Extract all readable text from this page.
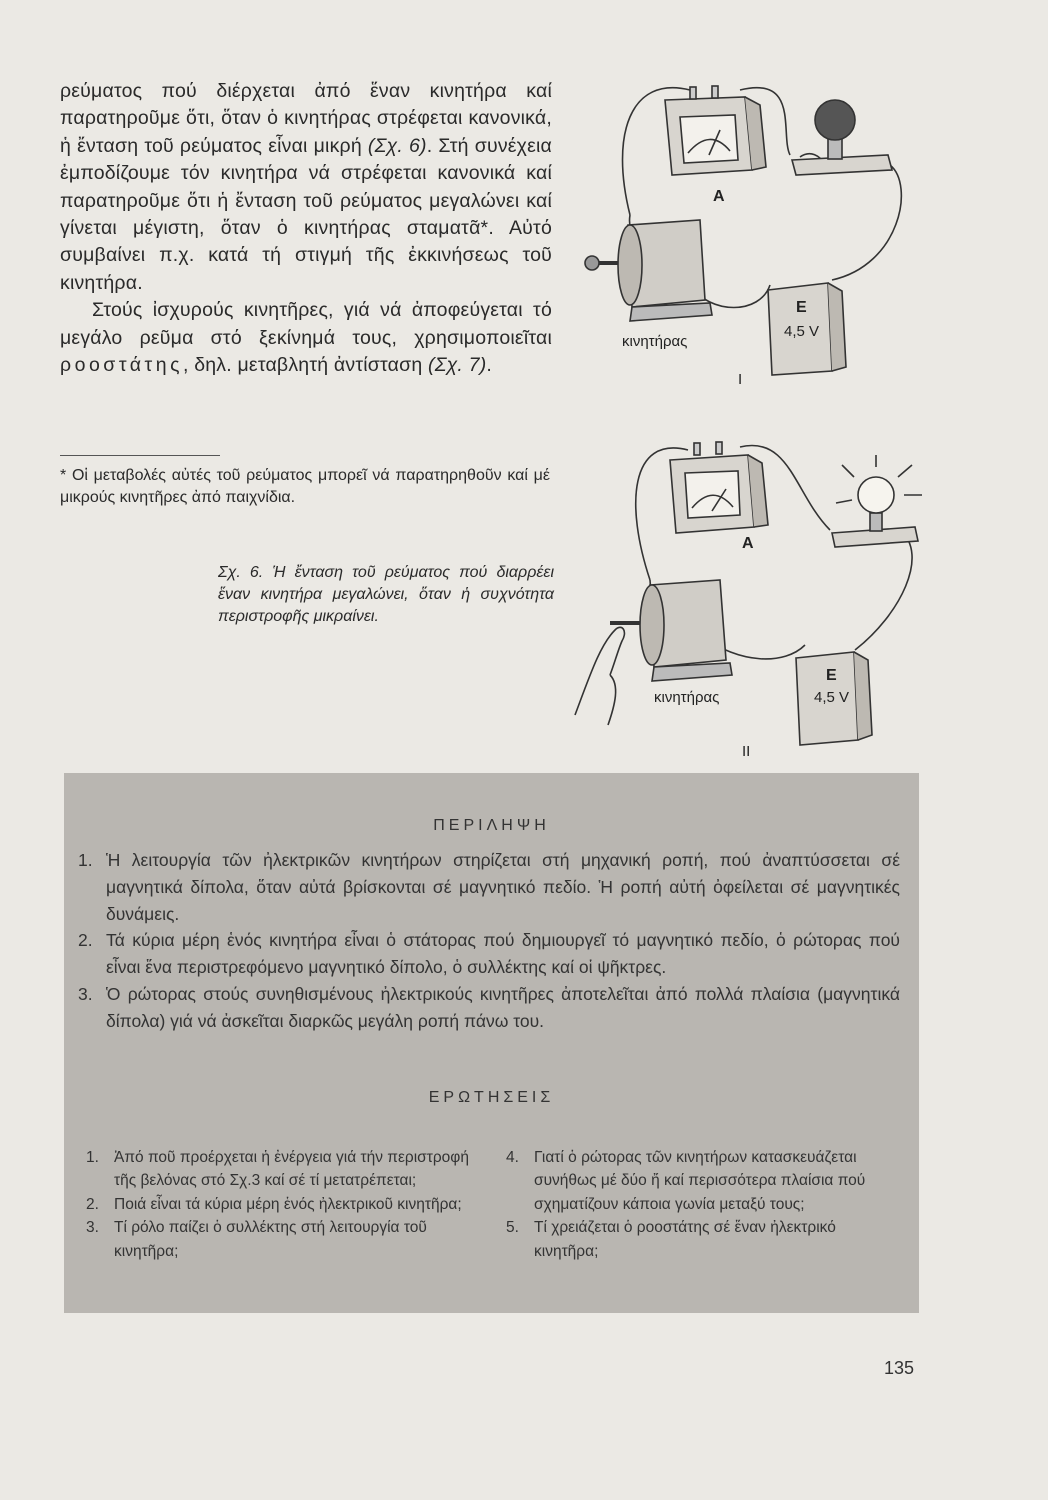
ρεύματος πού διέρχεται ἀπό ἕναν κινητήρα καί παρατηροῦμε ὅτι, ὅταν ὁ κινητήρας στρέφεται κανονικά, ἡ ἔνταση τοῦ ρεύματος εἶναι μικρή (Σχ. 6). Στή συνέχεια ἐμποδίζουμε τόν κινητήρα νά στρέφεται κανονικά καί παρατηροῦμε ὅτι ἡ ἔνταση τοῦ ρεύματος μεγαλώνει καί γίνεται μέγιστη, ὅταν ὁ κινητήρας σταματᾶ*. Αὐτό συμβαίνει π.χ. κατά τή στιγμή τῆς ἐκκινήσεως τοῦ κινητήρα.

Στούς ἰσχυρούς κινητῆρες, γιά νά ἀποφεύγεται τό μεγάλο ρεῦμα στό ξεκίνημά τους, χρησιμοποιεῖται ροοστάτης, δηλ. μεταβλητή ἀντίσταση (Σχ. 7).

* Οἱ μεταβολές αὐτές τοῦ ρεύματος μπορεῖ νά παρατηρηθοῦν καί μέ μικρούς κινητῆρες ἀπό παιχνίδια.
Σχ. 6. Ἡ ἔνταση τοῦ ρεύματος πού διαρρέει ἕναν κινητήρα μεγαλώνει, ὅταν ἡ συχνότητα περιστροφῆς μικραίνει.
Α
Ε
4,5 V
κινητήρας
I
Α
Ε
4,5 V
κινητήρας
II
ΠΕΡΙΛΗΨΗ
1. Ἡ λειτουργία τῶν ἠλεκτρικῶν κινητήρων στηρίζεται στή μηχανική ροπή, πού ἀναπτύσσεται σέ μαγνητικά δίπολα, ὅταν αὐτά βρίσκονται σέ μαγνητικό πεδίο. Ἡ ροπή αὐτή ὀφείλεται σέ μαγνητικές δυνάμεις.
2. Τά κύρια μέρη ἑνός κινητήρα εἶναι ὁ στάτορας πού δημιουργεῖ τό μαγνητικό πεδίο, ὁ ρώτορας πού εἶναι ἕνα περιστρεφόμενο μαγνητικό δίπολο, ὁ συλλέκτης καί οἱ ψῆκτρες.
3. Ὁ ρώτορας στούς συνηθισμένους ἠλεκτρικούς κινητῆρες ἀποτελεῖται ἀπό πολλά πλαίσια (μαγνητικά δίπολα) γιά νά ἀσκεῖται διαρκῶς μεγάλη ροπή πάνω του.
ΕΡΩΤΗΣΕΙΣ
1. Ἀπό ποῦ προέρχεται ἡ ἐνέργεια γιά τήν περιστροφή τῆς βελόνας στό Σχ.3 καί σέ τί μετατρέπεται;
2. Ποιά εἶναι τά κύρια μέρη ἑνός ἠλεκτρικοῦ κινητῆρα;
3. Τί ρόλο παίζει ὁ συλλέκτης στή λειτουργία τοῦ κινητῆρα;
4. Γιατί ὁ ρώτορας τῶν κινητήρων κατασκευάζεται συνήθως μέ δύο ἤ καί περισσότερα πλαίσια πού σχηματίζουν κάποια γωνία μεταξύ τους;
5. Τί χρειάζεται ὁ ροοστάτης σέ ἕναν ἠλεκτρικό κινητῆρα;
135
